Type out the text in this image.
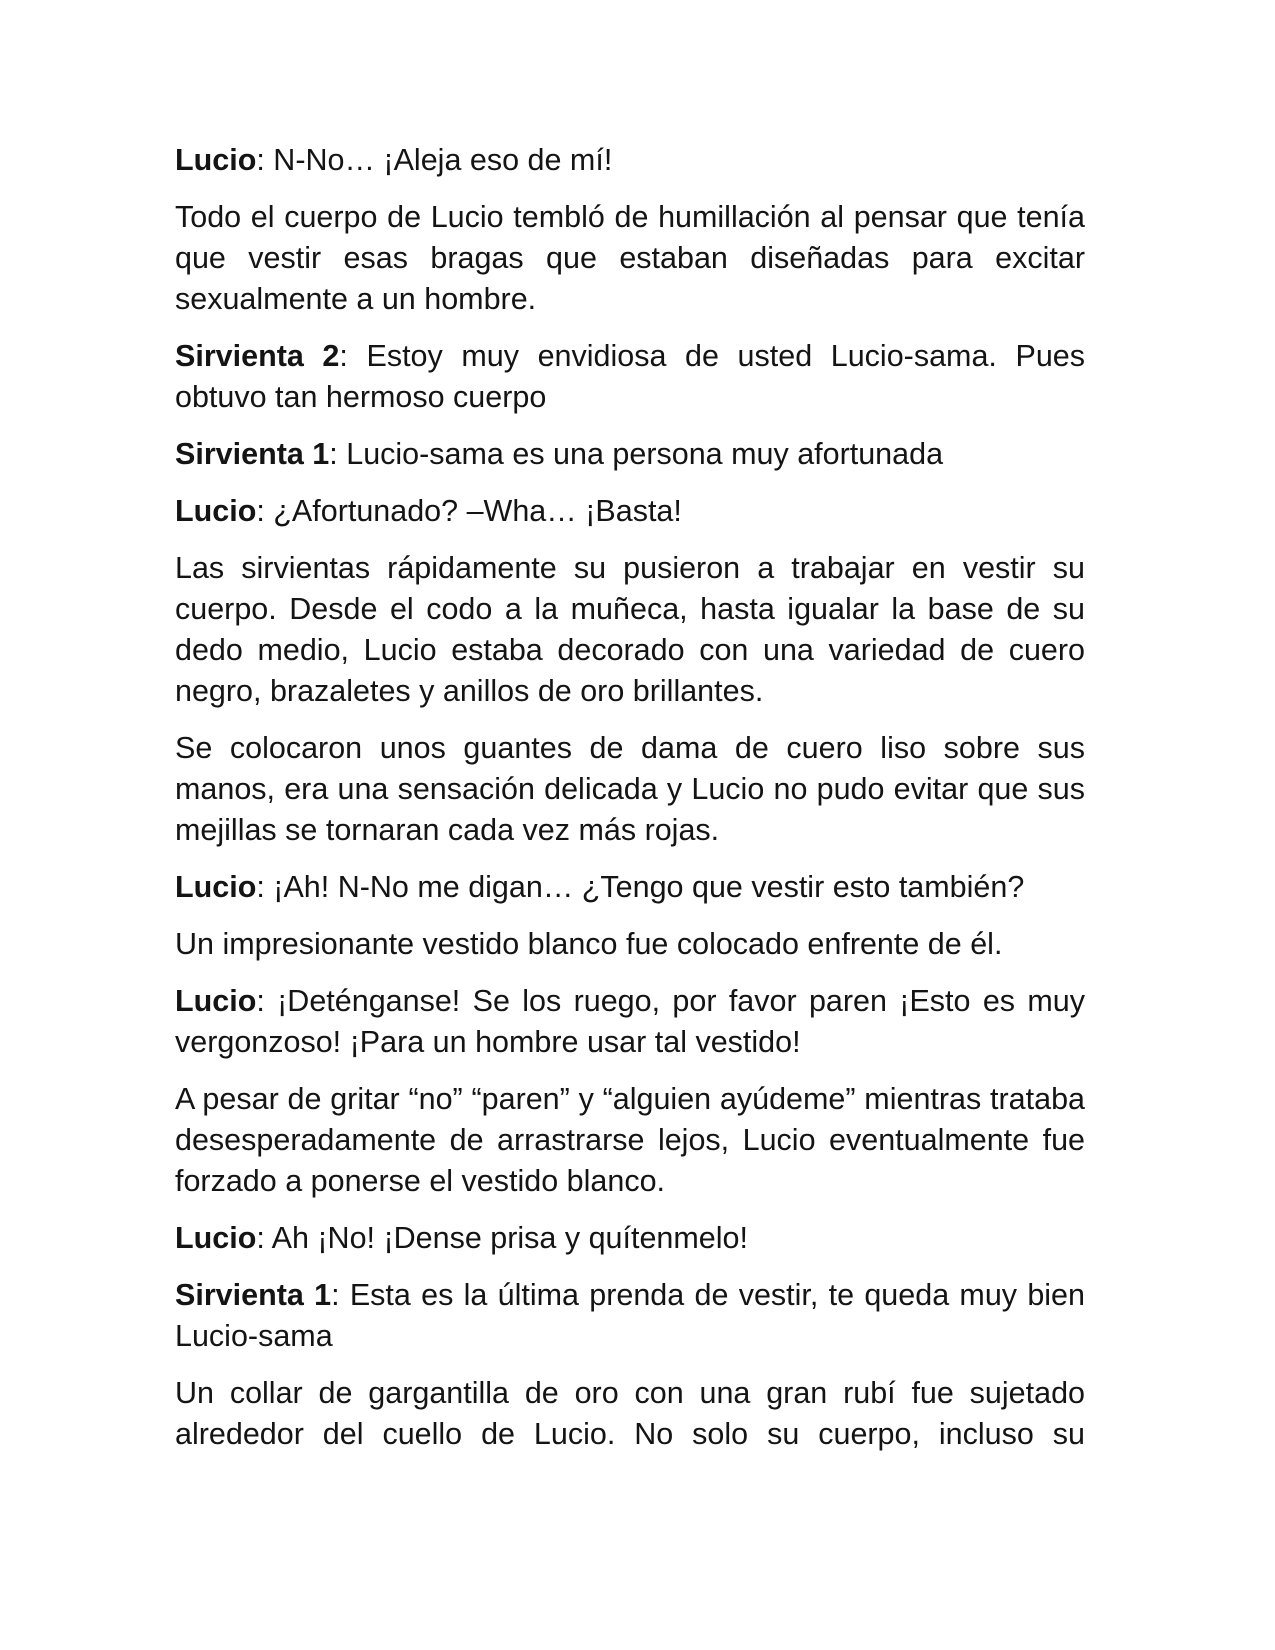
Lucio: N-No… ¡Aleja eso de mí!

Todo el cuerpo de Lucio tembló de humillación al pensar que tenía que vestir esas bragas que estaban diseñadas para excitar sexualmente a un hombre.

Sirvienta 2: Estoy muy envidiosa de usted Lucio-sama. Pues obtuvo tan hermoso cuerpo

Sirvienta 1: Lucio-sama es una persona muy afortunada

Lucio: ¿Afortunado? –Wha… ¡Basta!

Las sirvientas rápidamente su pusieron a trabajar en vestir su cuerpo. Desde el codo a la muñeca, hasta igualar la base de su dedo medio, Lucio estaba decorado con una variedad de cuero negro, brazaletes y anillos de oro brillantes.

Se colocaron unos guantes de dama de cuero liso sobre sus manos, era una sensación delicada y Lucio no pudo evitar que sus mejillas se tornaran cada vez más rojas.

Lucio: ¡Ah! N-No me digan… ¿Tengo que vestir esto también?

Un impresionante vestido blanco fue colocado enfrente de él.

Lucio: ¡Deténganse! Se los ruego, por favor paren ¡Esto es muy vergonzoso! ¡Para un hombre usar tal vestido!

A pesar de gritar “no” “paren” y “alguien ayúdeme” mientras trataba desesperadamente de arrastrarse lejos, Lucio eventualmente fue forzado a ponerse el vestido blanco.

Lucio: Ah ¡No! ¡Dense prisa y quítenmelo!

Sirvienta 1: Esta es la última prenda de vestir, te queda muy bien Lucio-sama

Un collar de gargantilla de oro con una gran rubí fue sujetado alrededor del cuello de Lucio. No solo su cuerpo, incluso su
